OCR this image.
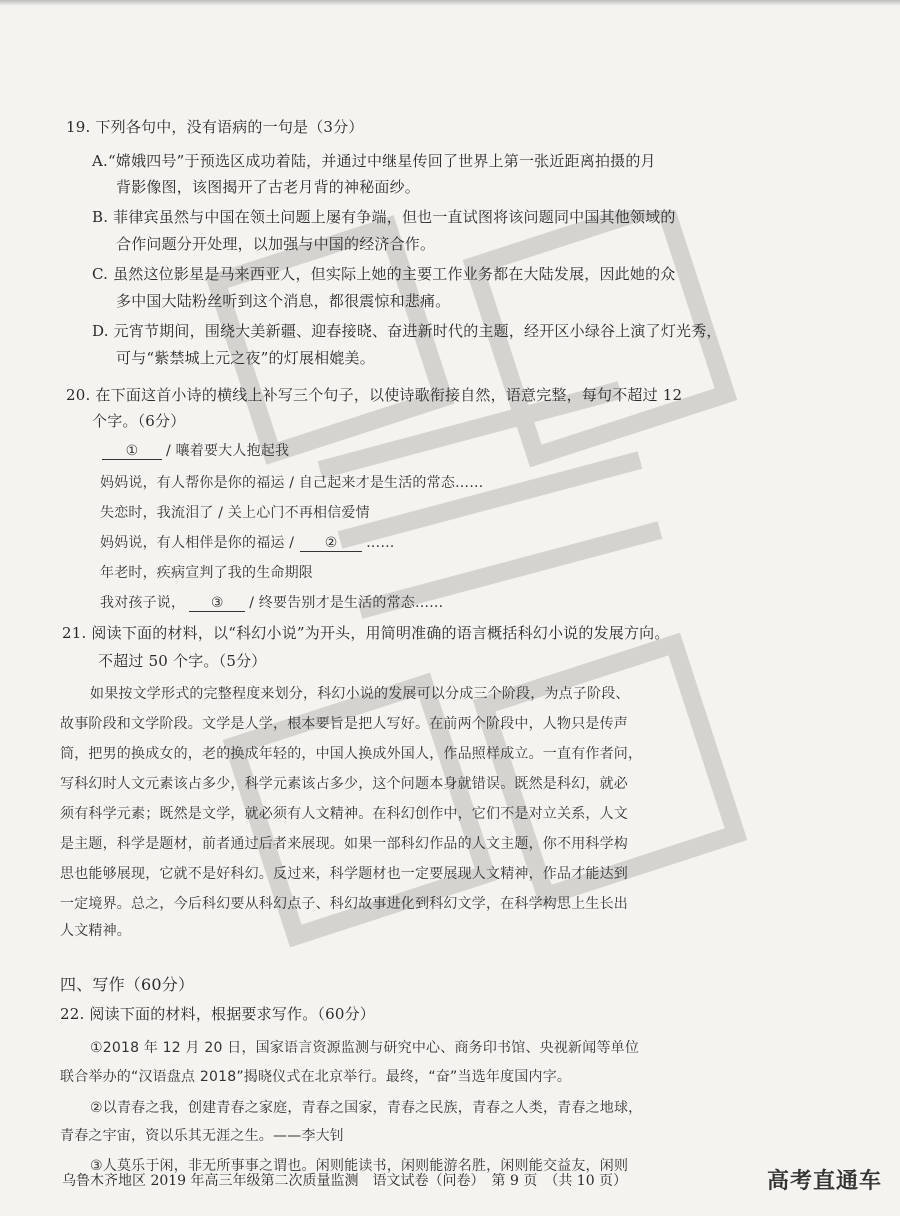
19. 下列各句中，没有语病的一句是（3分）
A.“嫦娥四号”于预选区成功着陆，并通过中继星传回了世界上第一张近距离拍摄的月
背影像图，该图揭开了古老月背的神秘面纱。
B. 菲律宾虽然与中国在领土问题上屡有争端，但也一直试图将该问题同中国其他领域的
合作问题分开处理，以加强与中国的经济合作。
C. 虽然这位影星是马来西亚人，但实际上她的主要工作业务都在大陆发展，因此她的众
多中国大陆粉丝听到这个消息，都很震惊和悲痛。
D. 元宵节期间，围绕大美新疆、迎春接晓、奋进新时代的主题，经开区小绿谷上演了灯光秀，
可与“紫禁城上元之夜”的灯展相媲美。
20. 在下面这首小诗的横线上补写三个句子，以使诗歌衔接自然，语意完整，每句不超过 12
个字。（6分）
① / 嚷着要大人抱起我
妈妈说，有人帮你是你的福运 / 自己起来才是生活的常态……
失恋时，我流泪了 / 关上心门不再相信爱情
妈妈说，有人相伴是你的福运 / ② ……
年老时，疾病宣判了我的生命期限
我对孩子说， ③ / 终要告别才是生活的常态……
21. 阅读下面的材料，以“科幻小说”为开头，用简明准确的语言概括科幻小说的发展方向。
不超过 50 个字。（5分）
如果按文学形式的完整程度来划分，科幻小说的发展可以分成三个阶段，为点子阶段、
故事阶段和文学阶段。文学是人学，根本要旨是把人写好。在前两个阶段中，人物只是传声
筒，把男的换成女的，老的换成年轻的，中国人换成外国人，作品照样成立。一直有作者问，
写科幻时人文元素该占多少，科学元素该占多少，这个问题本身就错误。既然是科幻，就必
须有科学元素；既然是文学，就必须有人文精神。在科幻创作中，它们不是对立关系，人文
是主题，科学是题材，前者通过后者来展现。如果一部科幻作品的人文主题，你不用科学构
思也能够展现，它就不是好科幻。反过来，科学题材也一定要展现人文精神，作品才能达到
一定境界。总之，今后科幻要从科幻点子、科幻故事进化到科幻文学，在科学构思上生长出
人文精神。
四、写作（60分）
22. 阅读下面的材料，根据要求写作。（60分）
①2018 年 12 月 20 日，国家语言资源监测与研究中心、商务印书馆、央视新闻等单位
联合举办的“汉语盘点 2018”揭晓仪式在北京举行。最终，“奋”当选年度国内字。
②以青春之我，创建青春之家庭，青春之国家，青春之民族，青春之人类，青春之地球，
青春之宇宙，资以乐其无涯之生。——李大钊
③人莫乐于闲，非无所事事之谓也。闲则能读书，闲则能游名胜，闲则能交益友，闲则
乌鲁木齐地区 2019 年高三年级第二次质量监测　语文试卷（问卷）　第 9 页　（共 10 页）	高考直通车
